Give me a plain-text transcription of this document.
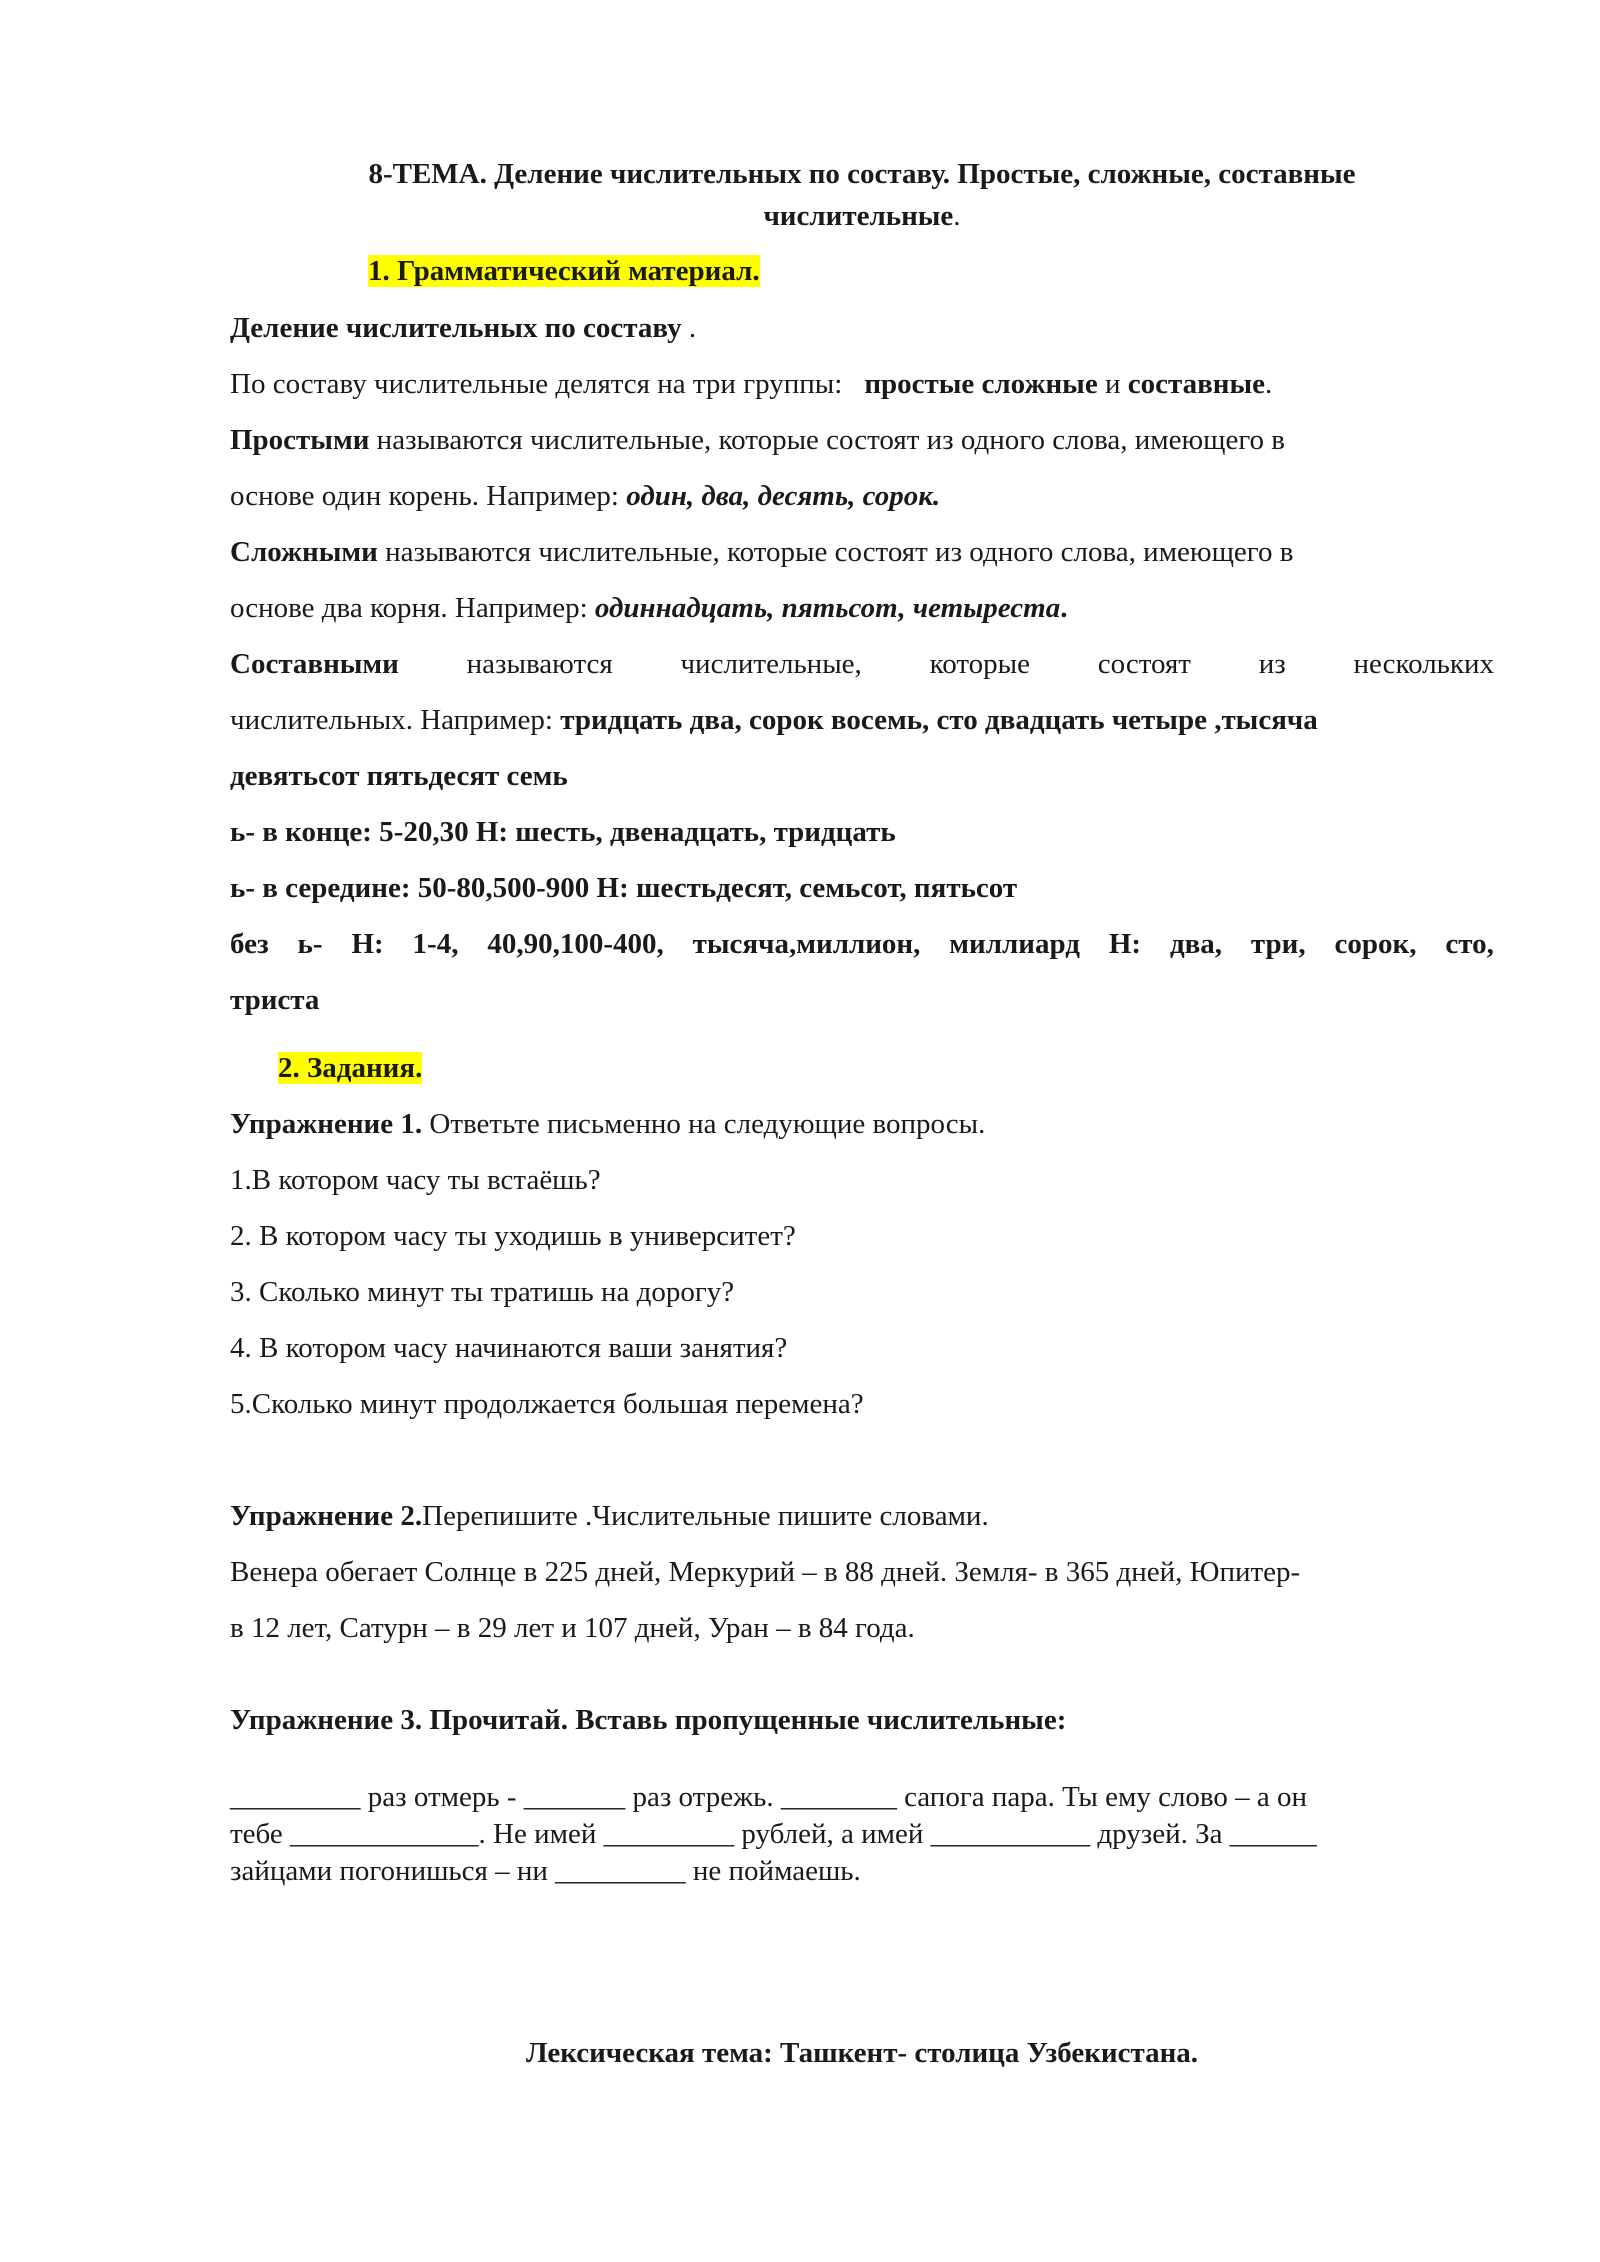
8-ТЕМА. Деление числительных по составу. Простые, сложные, составные
числительные.
1. Грамматический материал.
Деление числительных по составу .
По составу числительные делятся на три группы: простые сложные и составные.
Простыми называются числительные, которые состоят из одного слова, имеющего в
основе один корень. Например: один, два, десять, сорок.
Сложными называются числительные, которые состоят из одного слова, имеющего в
основе два корня. Например: одиннадцать, пятьсот, четыреста.
Составными называются числительные, которые состоят из нескольких
числительных. Например: тридцать два, сорок восемь, сто двадцать четыре ,тысяча
девятьсот пятьдесят семь
ь- в конце: 5-20,30 Н: шесть, двенадцать, тридцать
ь- в середине: 50-80,500-900 Н: шестьдесят, семьсот, пятьсот
без ь- Н: 1-4, 40,90,100-400, тысяча,миллион, миллиард Н: два, три, сорок, сто,
триста
2. Задания.
Упражнение 1. Ответьте письменно на следующие вопросы.
1.В котором часу ты встаёшь?
2. В котором часу ты уходишь в университет?
3. Сколько минут ты тратишь на дорогу?
4. В котором часу начинаются ваши занятия?
5.Сколько минут продолжается большая перемена?
Упражнение 2.Перепишите .Числительные пишите словами.
Венера обегает Солнце в 225 дней, Меркурий – в 88 дней. Земля- в 365 дней, Юпитер-
в 12 лет, Сатурн – в 29 лет и 107 дней, Уран – в 84 года.
Упражнение 3. Прочитай. Вставь пропущенные числительные:
_________ раз отмерь - _______ раз отрежь. ________ сапога пара. Ты ему слово – а он
тебе _____________. Не имей _________ рублей, а имей ___________ друзей. За ______
зайцами погонишься – ни _________ не поймаешь.
Лексическая тема: Ташкент- столица Узбекистана.
